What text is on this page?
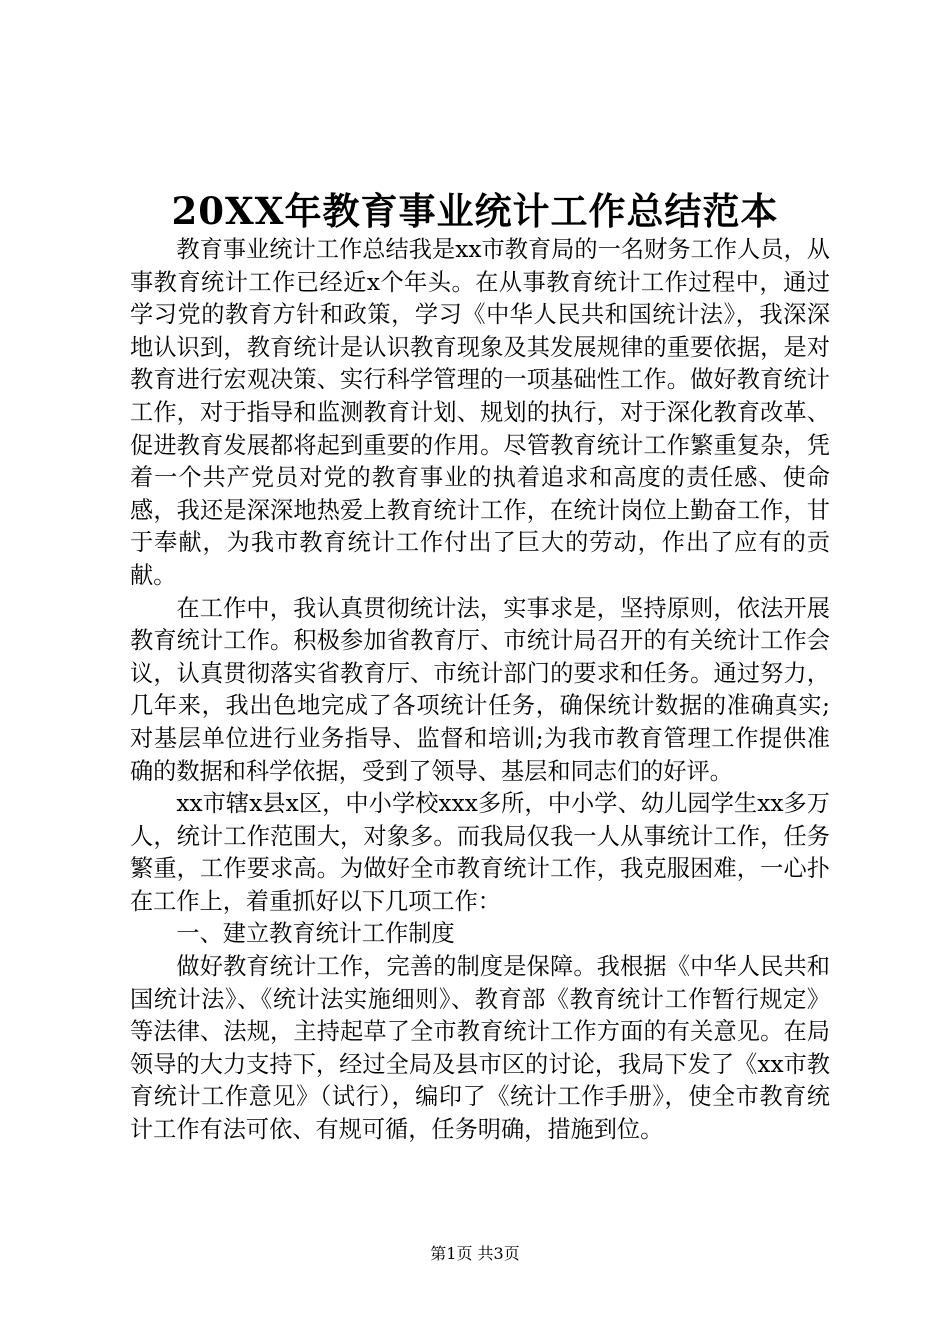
20XX年教育事业统计工作总结范本

教育事业统计工作总结我是xx市教育局的一名财务工作人员，从事教育统计工作已经近x个年头。在从事教育统计工作过程中，通过学习党的教育方针和政策，学习《中华人民共和国统计法》，我深深地认识到，教育统计是认识教育现象及其发展规律的重要依据，是对教育进行宏观决策、实行科学管理的一项基础性工作。做好教育统计工作，对于指导和监测教育计划、规划的执行，对于深化教育改革、促进教育发展都将起到重要的作用。尽管教育统计工作繁重复杂，凭着一个共产党员对党的教育事业的执着追求和高度的责任感、使命感，我还是深深地热爱上教育统计工作，在统计岗位上勤奋工作，甘于奉献，为我市教育统计工作付出了巨大的劳动，作出了应有的贡献。

在工作中，我认真贯彻统计法，实事求是，坚持原则，依法开展教育统计工作。积极参加省教育厅、市统计局召开的有关统计工作会议，认真贯彻落实省教育厅、市统计部门的要求和任务。通过努力，几年来，我出色地完成了各项统计任务，确保统计数据的准确真实;对基层单位进行业务指导、监督和培训;为我市教育管理工作提供准确的数据和科学依据，受到了领导、基层和同志们的好评。

xx市辖x县x区，中小学校xxx多所，中小学、幼儿园学生xx多万人，统计工作范围大，对象多。而我局仅我一人从事统计工作，任务繁重，工作要求高。为做好全市教育统计工作，我克服困难，一心扑在工作上，着重抓好以下几项工作：

一、建立教育统计工作制度

做好教育统计工作，完善的制度是保障。我根据《中华人民共和国统计法》、《统计法实施细则》、教育部《教育统计工作暂行规定》等法律、法规，主持起草了全市教育统计工作方面的有关意见。在局领导的大力支持下，经过全局及县市区的讨论，我局下发了《xx市教育统计工作意见》（试行），编印了《统计工作手册》，使全市教育统计工作有法可依、有规可循，任务明确，措施到位。

第1页 共3页
